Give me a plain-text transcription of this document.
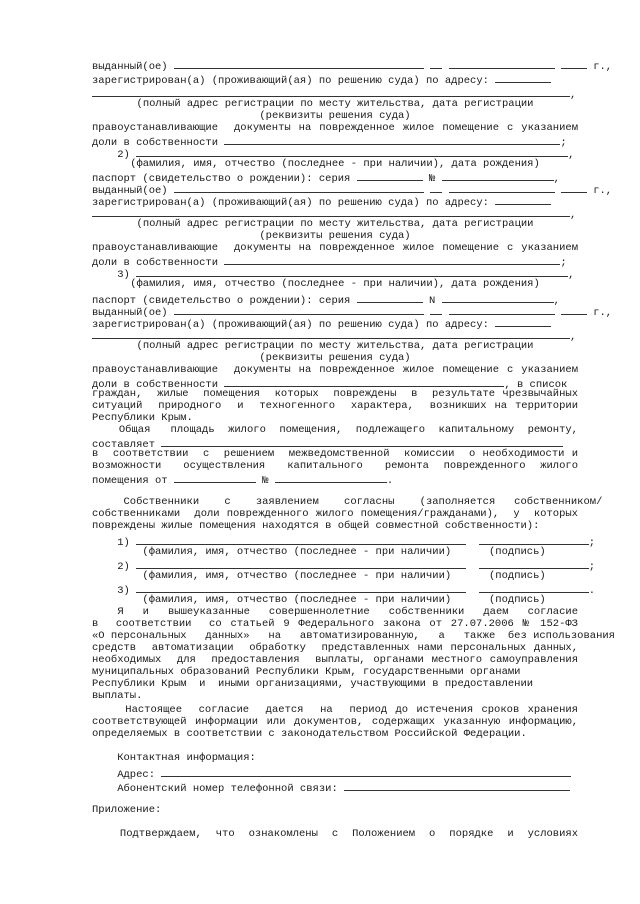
выданный(ое)	г.,
зарегистрирован(а) (проживающий(ая) по решению суда) по адресу:
,
(полный адрес регистрации по месту жительства, дата регистрации
(реквизиты решения суда)
правоустанавливающие  документы на поврежденное жилое помещение с указанием
доли в собственности	;
2)	,
(фамилия, имя, отчество (последнее - при наличии), дата рождения)
паспорт (свидетельство о рождении): серия	№	,
выданный(ое)	г.,
зарегистрирован(а) (проживающий(ая) по решению суда) по адресу:
,
(полный адрес регистрации по месту жительства, дата регистрации
(реквизиты решения суда)
правоустанавливающие  документы на поврежденное жилое помещение с указанием
доли в собственности	;
3)	,
(фамилия, имя, отчество (последнее - при наличии), дата рождения)
паспорт (свидетельство о рождении): серия	N	,
выданный(ое)	г.,
зарегистрирован(а) (проживающий(ая) по решению суда) по адресу:
,
(полный адрес регистрации по месту жительства, дата регистрации
(реквизиты решения суда)
правоустанавливающие  документы на поврежденное жилое помещение с указанием
доли в собственности	, в список
граждан,  жилые  помещения  которых  повреждены  в  результате чрезвычайных
ситуаций  природного  и  техногенного  характера,  возникших на территории
Республики Крым.
Общая   площадь  жилого  помещения,  подлежащего  капитальному  ремонту,
составляет
в  соответствии  с  решением  межведомственной  комиссии  о необходимости и
возможности   осуществления   капитального   ремонта  поврежденного  жилого
помещения от	№	.
Собственники    с    заявлением    согласны    (заполняется   собственником/
собственниками  доли поврежденного жилого помещения/гражданами),  у  которых
повреждены жилые помещения находятся в общей совместной собственности):
1)	;
(фамилия, имя, отчество (последнее - при наличии)	(подпись)
2)	;
(фамилия, имя, отчество (последнее - при наличии)	(подпись)
3)	.
(фамилия, имя, отчество (последнее - при наличии)	(подпись)
Я   и   вышеуказанные   совершеннолетние   собственники   даем   согласие
в  соответствии  со статьей 9 Федерального закона от 27.07.2006 № 152-ФЗ
«О персональных   данных»   на   автоматизированную,   а   также  без использования
средств  автоматизации  обработку  представленных нами персональных данных,
необходимых  для  предоставления  выплаты, органами местного самоуправления
муниципальных образований Республики Крым, государственными органами
Республики Крым  и  иными организациями, участвующими в предоставлении
выплаты.
Настоящее  согласие  дается  на  период до истечения сроков хранения
соответствующей информации или документов, содержащих указанную информацию,
определяемых в соответствии с законодательством Российской Федерации.
Контактная информация:
Адрес:
Абонентский номер телефонной связи:
Приложение:
Подтверждаем,  что  ознакомлены  с  Положением  о  порядке  и  условиях
